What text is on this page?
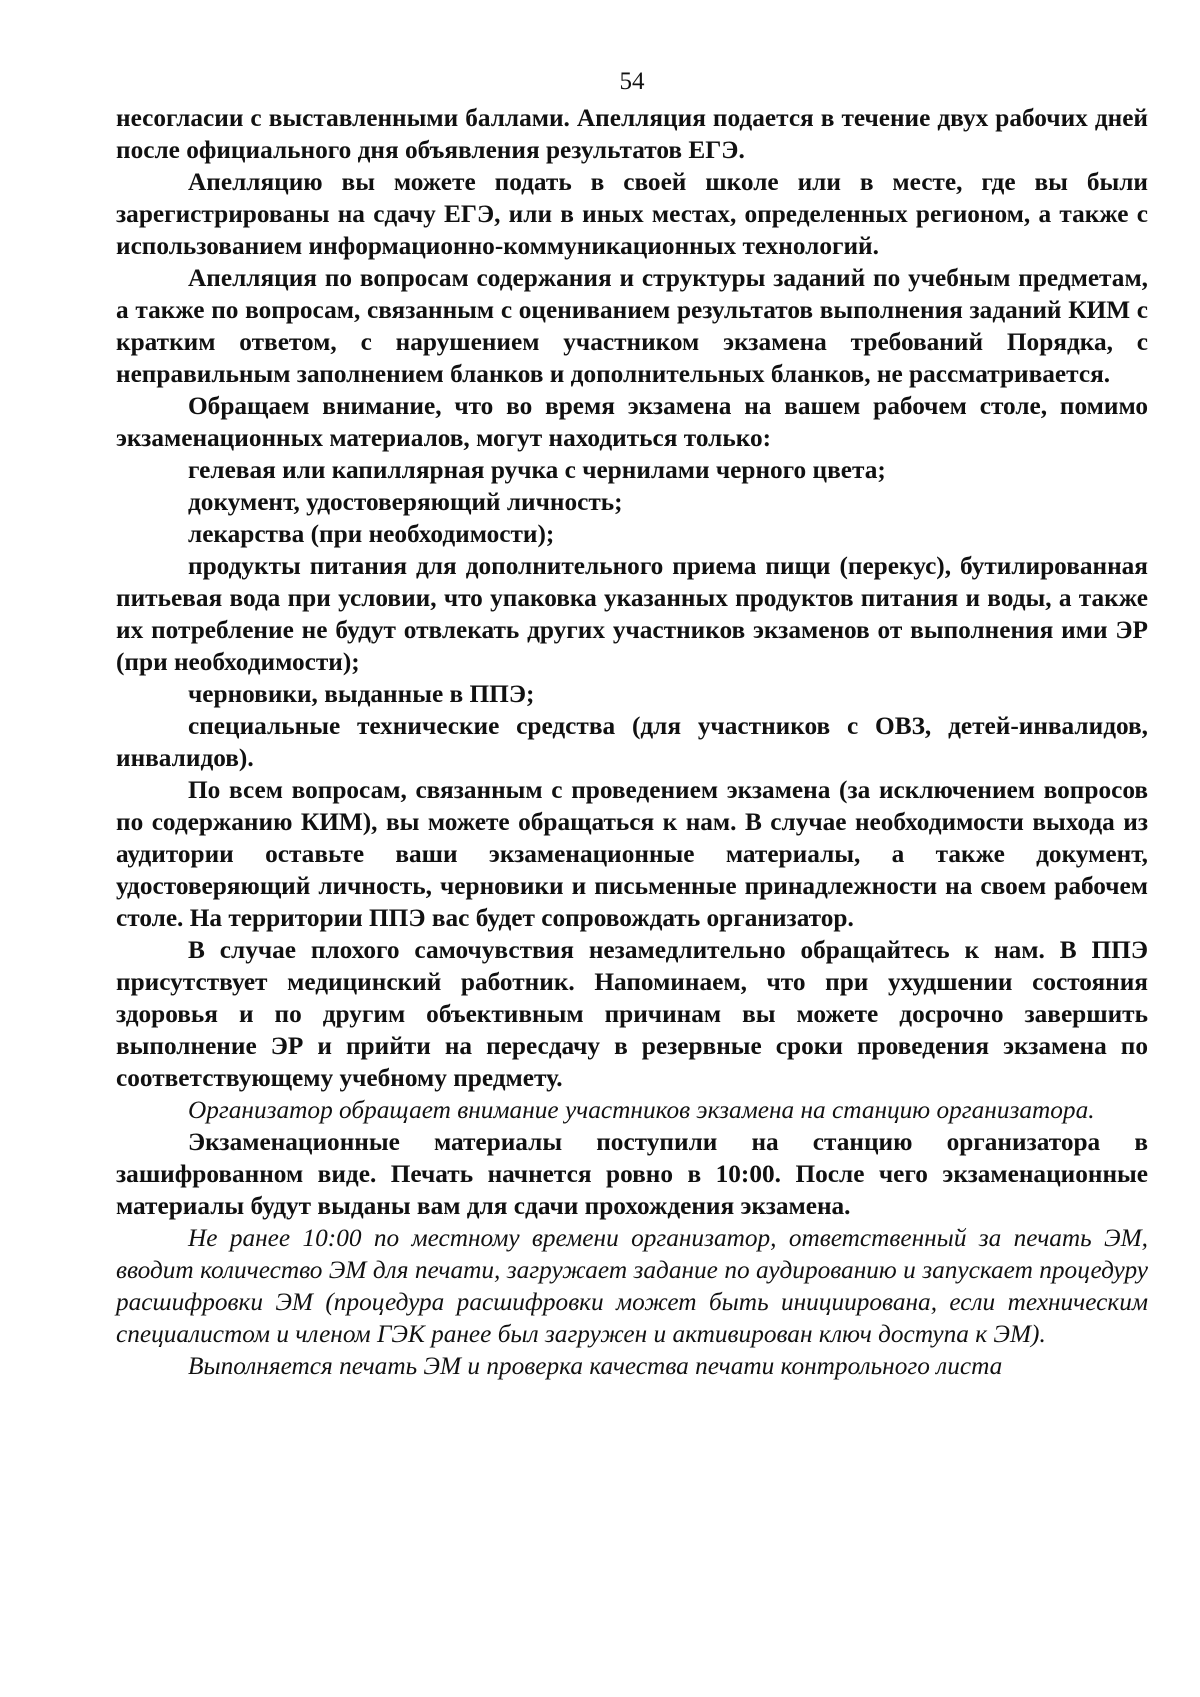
54

несогласии с выставленными баллами. Апелляция подается в течение двух рабочих дней после официального дня объявления результатов ЕГЭ.

Апелляцию вы можете подать в своей школе или в месте, где вы были зарегистрированы на сдачу ЕГЭ, или в иных местах, определенных регионом, а также с использованием информационно-коммуникационных технологий.

Апелляция по вопросам содержания и структуры заданий по учебным предметам, а также по вопросам, связанным с оцениванием результатов выполнения заданий КИМ с кратким ответом, с нарушением участником экзамена требований Порядка, с неправильным заполнением бланков и дополнительных бланков, не рассматривается.

Обращаем внимание, что во время экзамена на вашем рабочем столе, помимо экзаменационных материалов, могут находиться только:

гелевая или капиллярная ручка с чернилами черного цвета;

документ, удостоверяющий личность;

лекарства (при необходимости);

продукты питания для дополнительного приема пищи (перекус), бутилированная питьевая вода при условии, что упаковка указанных продуктов питания и воды, а также их потребление не будут отвлекать других участников экзаменов от выполнения ими ЭР (при необходимости);

черновики, выданные в ППЭ;

специальные технические средства (для участников с ОВЗ, детей-инвалидов, инвалидов).

По всем вопросам, связанным с проведением экзамена (за исключением вопросов по содержанию КИМ), вы можете обращаться к нам. В случае необходимости выхода из аудитории оставьте ваши экзаменационные материалы, а также документ, удостоверяющий личность, черновики и письменные принадлежности на своем рабочем столе. На территории ППЭ вас будет сопровождать организатор.

В случае плохого самочувствия незамедлительно обращайтесь к нам. В ППЭ присутствует медицинский работник. Напоминаем, что при ухудшении состояния здоровья и по другим объективным причинам вы можете досрочно завершить выполнение ЭР и прийти на пересдачу в резервные сроки проведения экзамена по соответствующему учебному предмету.

Организатор обращает внимание участников экзамена на станцию организатора.

Экзаменационные материалы поступили на станцию организатора в зашифрованном виде. Печать начнется ровно в 10:00. После чего экзаменационные материалы будут выданы вам для сдачи прохождения экзамена.

Не ранее 10:00 по местному времени организатор, ответственный за печать ЭМ, вводит количество ЭМ для печати, загружает задание по аудированию и запускает процедуру расшифровки ЭМ (процедура расшифровки может быть инициирована, если техническим специалистом и членом ГЭК ранее был загружен и активирован ключ доступа к ЭМ).

Выполняется печать ЭМ и проверка качества печати контрольного листа
